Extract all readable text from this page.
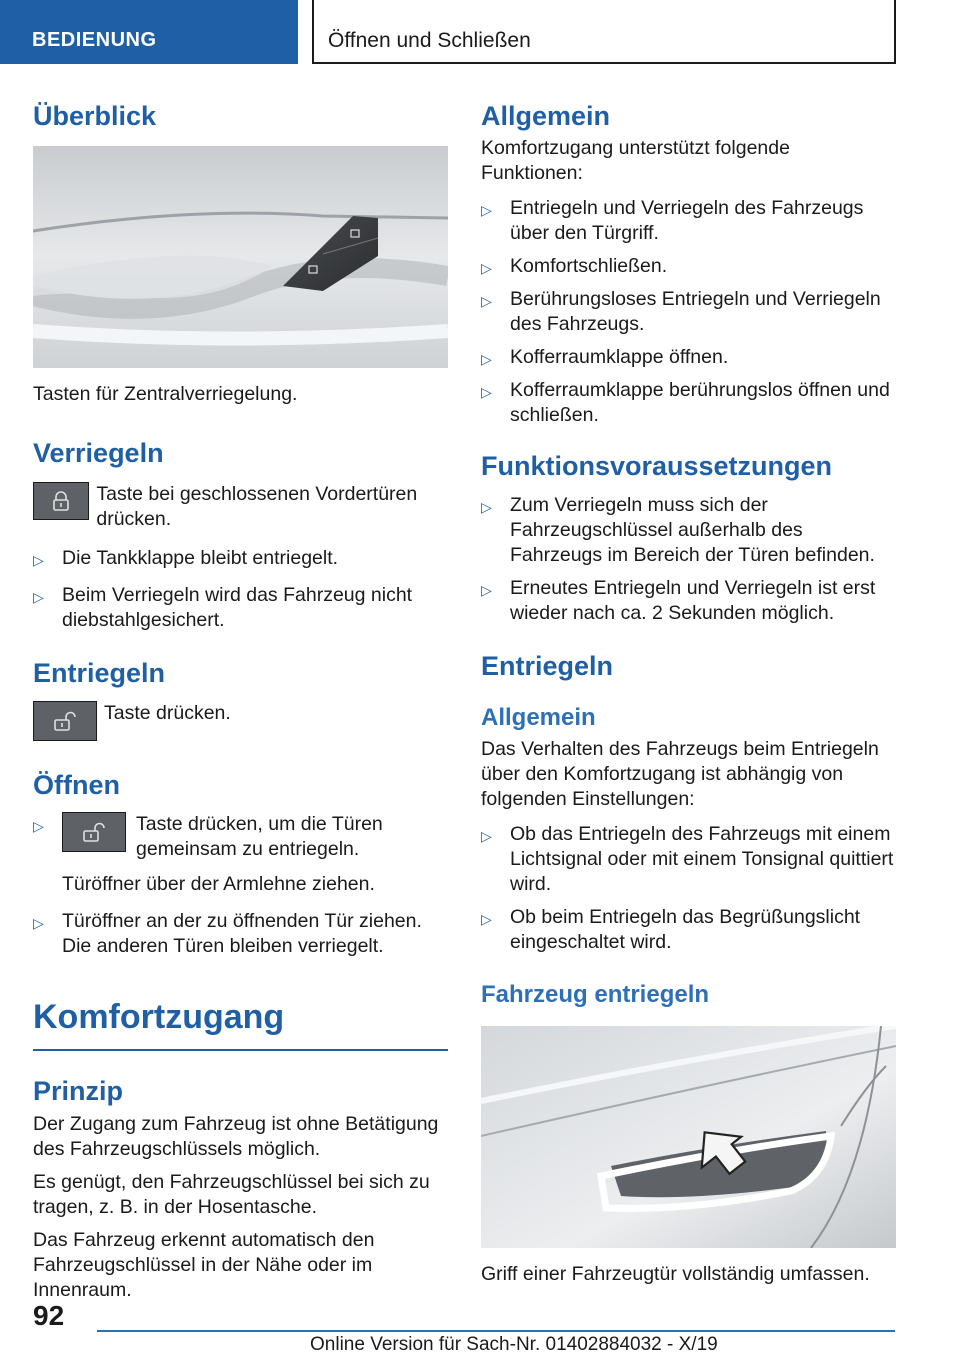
BEDIENUNG	Öffnen und Schließen
Überblick

Tasten für Zentralverriegelung.

Verriegeln

Taste bei geschlossenen Vordertüren drücken.

▷ Die Tankklappe bleibt entriegelt.
▷ Beim Verriegeln wird das Fahrzeug nicht diebstahlgesichert.
Entriegeln

Taste drücken.

Öffnen
▷	Taste drücken, um die Türen gemeinsam zu entriegeln.
Türöffner über der Armlehne ziehen.
▷ Türöffner an der zu öffnenden Tür ziehen. Die anderen Türen bleiben verriegelt.
Komfortzugang
Prinzip

Der Zugang zum Fahrzeug ist ohne Betätigung des Fahrzeugschlüssels möglich.

Es genügt, den Fahrzeugschlüssel bei sich zu tragen, z. B. in der Hosentasche.

Das Fahrzeug erkennt automatisch den Fahrzeugschlüssel in der Nähe oder im Innenraum.

Allgemein

Komfortzugang unterstützt folgende Funktionen:

▷ Entriegeln und Verriegeln des Fahrzeugs über den Türgriff.
▷ Komfortschließen.
▷ Berührungsloses Entriegeln und Verriegeln des Fahrzeugs.
▷ Kofferraumklappe öffnen.
▷ Kofferraumklappe berührungslos öffnen und schließen.
Funktionsvoraussetzungen
▷ Zum Verriegeln muss sich der Fahrzeugschlüssel außerhalb des Fahrzeugs im Bereich der Türen befinden.
▷ Erneutes Entriegeln und Verriegeln ist erst wieder nach ca. 2 Sekunden möglich.
Entriegeln
Allgemein

Das Verhalten des Fahrzeugs beim Entriegeln über den Komfortzugang ist abhängig von folgenden Einstellungen:

▷ Ob das Entriegeln des Fahrzeugs mit einem Lichtsignal oder mit einem Tonsignal quittiert wird.
▷ Ob beim Entriegeln das Begrüßungslicht eingeschaltet wird.
Fahrzeug entriegeln

Griff einer Fahrzeugtür vollständig umfassen.

92
Online Version für Sach-Nr. 01402884032 - X/19
